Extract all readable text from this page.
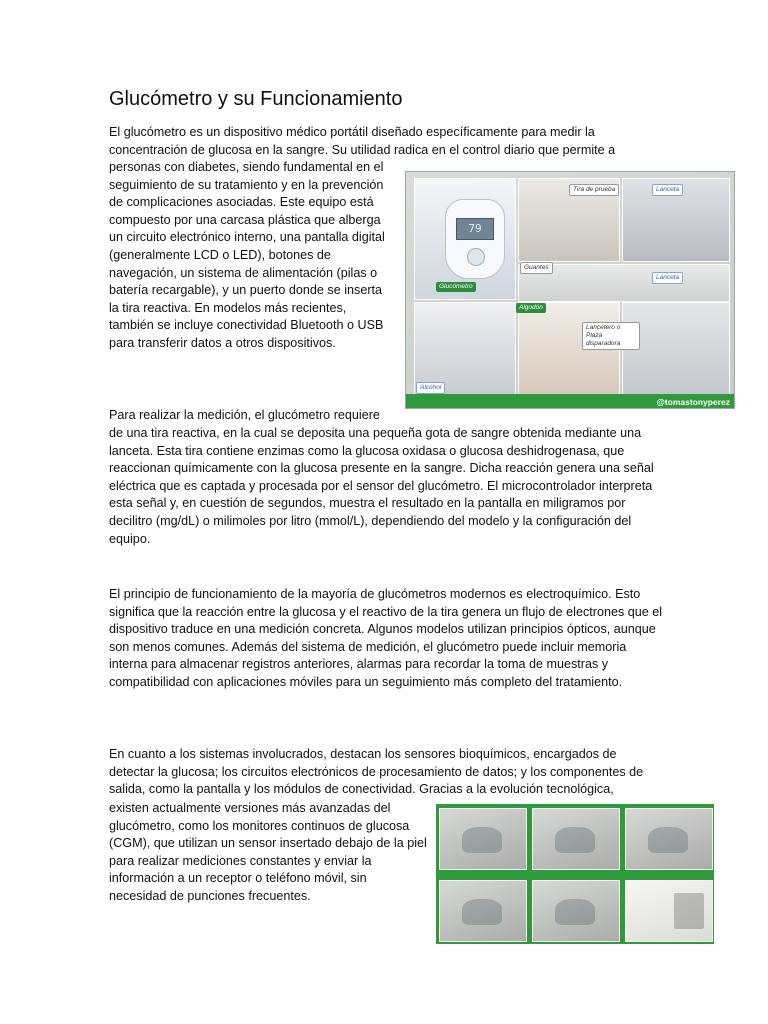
Glucómetro y su Funcionamiento

El glucómetro es un dispositivo médico portátil diseñado específicamente para medir la concentración de glucosa en la sangre. Su utilidad radica en el control diario que permite a

personas con diabetes, siendo fundamental en el seguimiento de su tratamiento y en la prevención de complicaciones asociadas. Este equipo está compuesto por una carcasa plástica que alberga un circuito electrónico interno, una pantalla digital (generalmente LCD o LED), botones de navegación, un sistema de alimentación (pilas o batería recargable), y un puerto donde se inserta la tira reactiva. En modelos más recientes, también se incluye conectividad Bluetooth o USB para transferir datos a otros dispositivos.

79
Tira de prueba	Lanceta
Guantes
Glucómetro
Lanceta
Algodón
Lancetero o Plaza disparadora
Alcohol
@tomastonyperez

Para realizar la medición, el glucómetro requiere

de una tira reactiva, en la cual se deposita una pequeña gota de sangre obtenida mediante una lanceta. Esta tira contiene enzimas como la glucosa oxidasa o glucosa deshidrogenasa, que reaccionan químicamente con la glucosa presente en la sangre. Dicha reacción genera una señal eléctrica que es captada y procesada por el sensor del glucómetro. El microcontrolador interpreta esta señal y, en cuestión de segundos, muestra el resultado en la pantalla en miligramos por decilitro (mg/dL) o milimoles por litro (mmol/L), dependiendo del modelo y la configuración del equipo.

El principio de funcionamiento de la mayoría de glucómetros modernos es electroquímico. Esto significa que la reacción entre la glucosa y el reactivo de la tira genera un flujo de electrones que el dispositivo traduce en una medición concreta. Algunos modelos utilizan principios ópticos, aunque son menos comunes. Además del sistema de medición, el glucómetro puede incluir memoria interna para almacenar registros anteriores, alarmas para recordar la toma de muestras y compatibilidad con aplicaciones móviles para un seguimiento más completo del tratamiento.

En cuanto a los sistemas involucrados, destacan los sensores bioquímicos, encargados de detectar la glucosa; los circuitos electrónicos de procesamiento de datos; y los componentes de salida, como la pantalla y los módulos de conectividad. Gracias a la evolución tecnológica,

existen actualmente versiones más avanzadas del glucómetro, como los monitores continuos de glucosa (CGM), que utilizan un sensor insertado debajo de la piel para realizar mediciones constantes y enviar la información a un receptor o teléfono móvil, sin necesidad de punciones frecuentes.
